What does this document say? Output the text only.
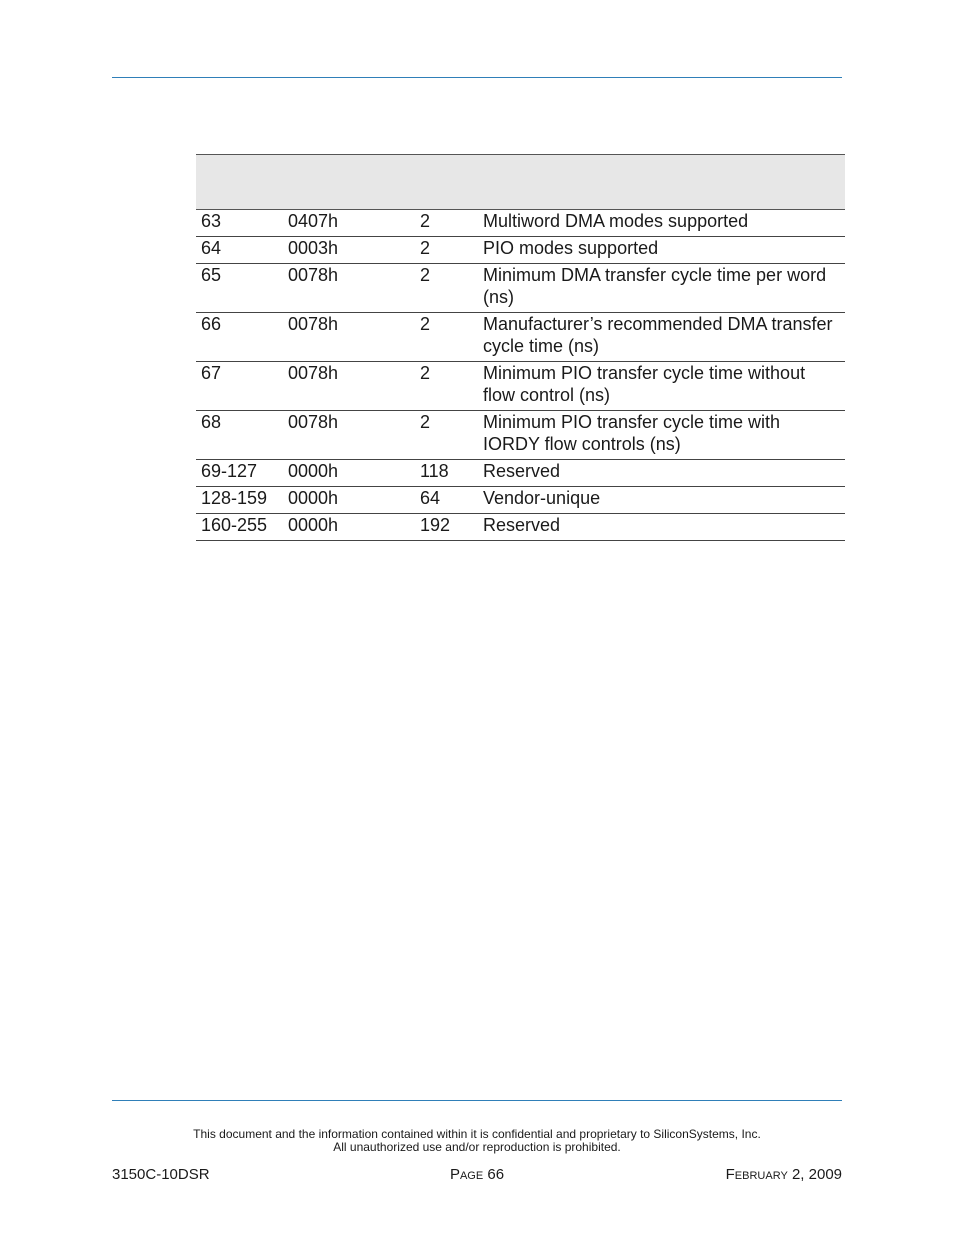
63	0407h	2	Multiword DMA modes supported
64	0003h	2	PIO modes supported
65	0078h	2	Minimum DMA transfer cycle time per word (ns)
66	0078h	2	Manufacturer’s recommended DMA transfer cycle time (ns)
67	0078h	2	Minimum PIO transfer cycle time without flow control (ns)
68	0078h	2	Minimum PIO transfer cycle time with IORDY flow controls (ns)
69-127	0000h	118	Reserved
128-159	0000h	64	Vendor-unique
160-255	0000h	192	Reserved
This document and the information contained within it is confidential and proprietary to SiliconSystems, Inc.
All unauthorized use and/or reproduction is prohibited.
3150C-10DSR	PAGE 66	FEBRUARY 2, 2009
